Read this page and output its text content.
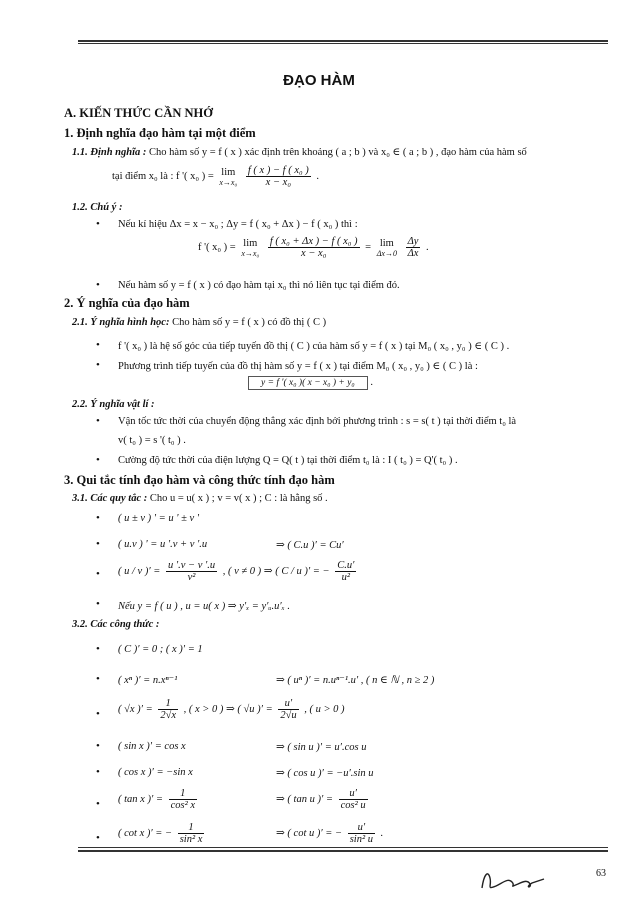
ĐẠO HÀM
A. KIẾN THỨC CẦN NHỚ
1. Định nghĩa đạo hàm tại một điểm
1.1. Định nghĩa : Cho hàm số y = f ( x ) xác định trên khoảng ( a ; b ) và x₀ ∈ ( a ; b ) , đạo hàm của hàm số
tại điểm x₀ là : f '( x₀ ) = lim
x→x₀
$\frac{\text{f ( x ) − f ( x₀ )}}{\text{x − x₀}}$ .
1.2. Chú ý :
• Nếu kí hiệu Δx = x − x₀ ; Δy = f ( x₀ + Δx ) − f ( x₀ ) thì :
f '( x₀ ) = lim
x→x₀
$\frac{\text{f ( x₀ + Δx ) − f ( x₀ )}}{\text{x − x₀}} = \lim$
Δx→0
$\frac{\Delta y}{\Delta x}$ .
• Nếu hàm số y = f ( x ) có đạo hàm tại x₀ thì nó liên tục tại điểm đó.
2. Ý nghĩa của đạo hàm
2.1. Ý nghĩa hình học: Cho hàm số y = f ( x ) có đồ thị ( C )
• f '( x₀ ) là hệ số góc của tiếp tuyến đồ thị ( C ) của hàm số y = f ( x ) tại M₀ ( x₀ , y₀ ) ∈ ( C ) .
• Phương trình tiếp tuyến của đồ thị hàm số y = f ( x ) tại điểm M₀ ( x₀ , y₀ ) ∈ ( C ) là :
y = f ′( x₀ )( x − x₀ ) + y₀ .
2.2. Ý nghĩa vật lí :
• Vận tốc tức thời của chuyển động thẳng xác định bởi phương trình : s = s( t ) tại thời điểm t₀ là
v( t₀ ) = s '( t₀ ) .
• Cường độ tức thời của điện lượng Q = Q( t ) tại thời điểm t₀ là : I ( t₀ ) = Q'( t₀ ) .
3. Qui tắc tính đạo hàm và công thức tính đạo hàm
3.1. Các quy tắc : Cho u = u( x ) ; v = v( x ) ; C : là hằng số .
• ( u ± v ) ' = u ' ± v '
• ( u.v ) ' = u '.v + v '.u	⇒ ( C.u )′ = Cu′
• ( u / v )′ = $\frac{u '.v - v '.u}{\text{v²}}$ , ( v ≠ 0 ) ⇒ ( C / u )′ = − $\frac{C.u'}{\text{u²}}$
• Nếu y = f ( u ) , u = u( x ) ⇒ y′ₓ = y′ᵤ.u′ₓ .
3.2. Các công thức :
• ( C )′ = 0 ; ( x )′ = 1
• ( xⁿ )′ = n.xⁿ⁻¹	⇒ ( uⁿ )′ = n.uⁿ⁻¹.u′ , ( n ∈ ℕ , n ≥ 2 )
• ( √x )′ = $\frac{1}{2√x}$ , ( x > 0 ) ⇒ ( √u )′ = $\frac{u'}{2√u}$ , ( u > 0 )
• ( sin x )′ = cos x	⇒ ( sin u )′ = u′.cos u
• ( cos x )′ = −sin x	⇒ ( cos u )′ = −u′.sin u
• ( tan x )′ = $\frac{1}{\text{cos² x}}$	⇒ ( tan u )′ = $\frac{u'}{\text{cos² u}}$
• ( cot x )′ = − $\frac{1}{\text{sin² x}}$	⇒ ( cot u )′ = − $\frac{u'}{\text{sin² u}}$ .
63
